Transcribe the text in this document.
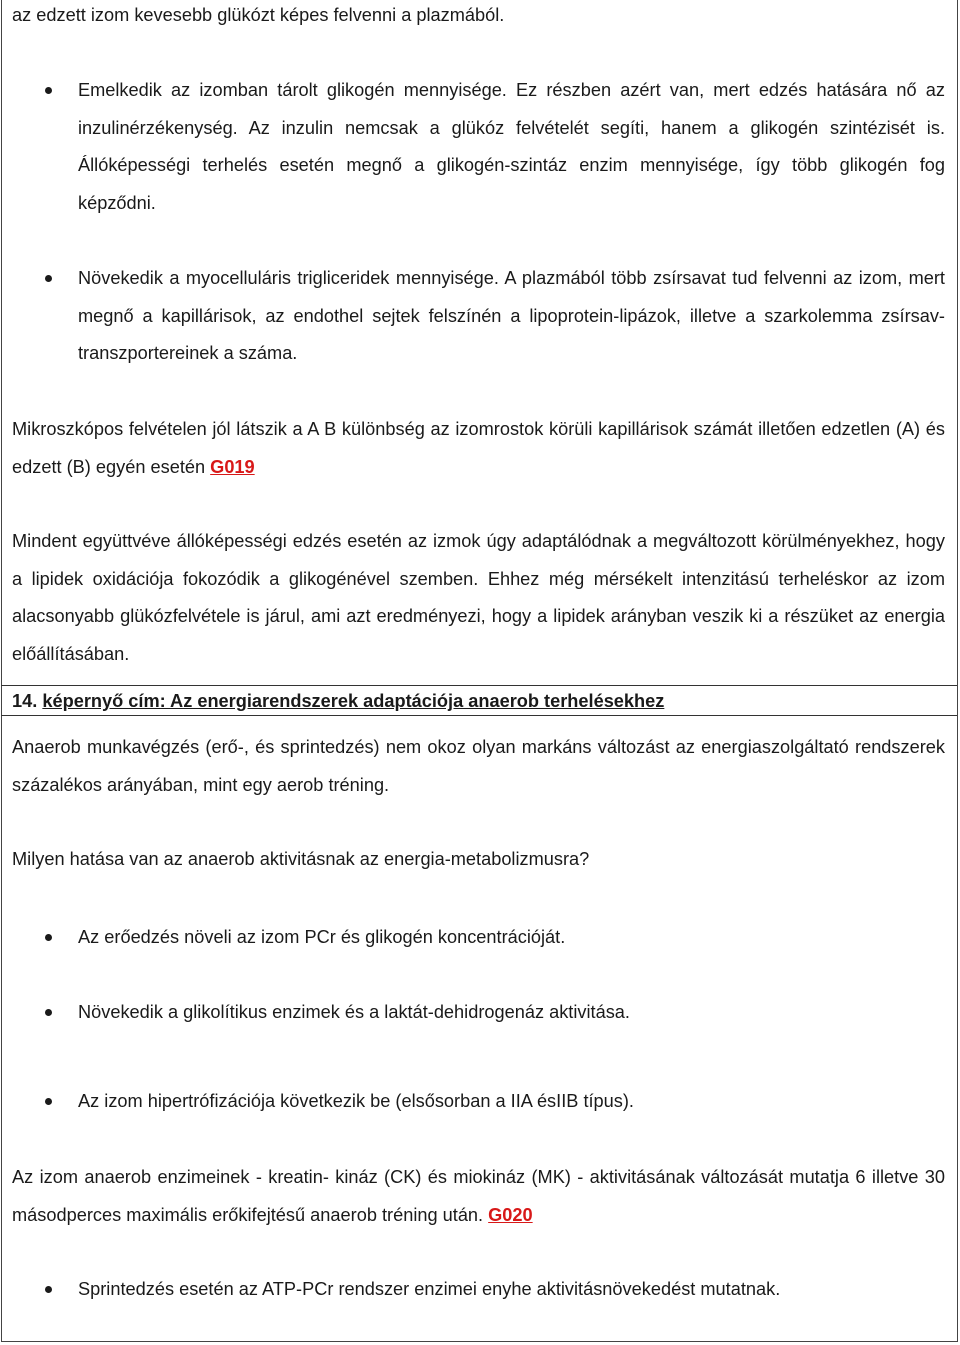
az edzett izom kevesebb glükózt képes felvenni a plazmából.

Emelkedik az izomban tárolt glikogén mennyisége. Ez részben azért van, mert edzés hatására nő az inzulinérzékenység. Az inzulin nemcsak a glükóz felvételét segíti, hanem a glikogén szintézisét is. Állóképességi terhelés esetén megnő a glikogén-szintáz enzim mennyisége, így több glikogén fog képződni.

Növekedik a myocelluláris trigliceridek mennyisége. A plazmából több zsírsavat tud felvenni az izom, mert megnő a kapillárisok, az endothel sejtek felszínén a lipoprotein-lipázok, illetve a szarkolemma zsírsav-transzportereinek a száma.

Mikroszkópos felvételen jól látszik a A B különbség az izomrostok körüli kapillárisok számát illetően edzetlen (A) és edzett (B) egyén esetén G019

Mindent együttvéve állóképességi edzés esetén az izmok úgy adaptálódnak a megváltozott körülményekhez, hogy a lipidek oxidációja fokozódik a glikogénével szemben. Ehhez még mérsékelt intenzitású terheléskor az izom alacsonyabb glükózfelvétele is járul, ami azt eredményezi, hogy a lipidek arányban veszik ki a részüket az energia előállításában.

14. képernyő cím: Az energiarendszerek adaptációja anaerob terhelésekhez

Anaerob munkavégzés (erő-, és sprintedzés) nem okoz olyan markáns változást az energiaszolgáltató rendszerek százalékos arányában, mint egy aerob tréning.

Milyen hatása van az anaerob aktivitásnak az energia-metabolizmusra?

Az erőedzés növeli az izom PCr és glikogén koncentrációját.

Növekedik a glikolítikus enzimek és a laktát-dehidrogenáz aktivitása.

Az izom hipertrófizációja következik be (elsősorban a IIA ésIIB típus).

Az izom anaerob enzimeinek - kreatin- kináz (CK) és miokináz (MK) - aktivitásának változását mutatja 6 illetve 30 másodperces maximális erőkifejtésű anaerob tréning után. G020

Sprintedzés esetén az ATP-PCr rendszer enzimei enyhe aktivitásnövekedést mutatnak.
